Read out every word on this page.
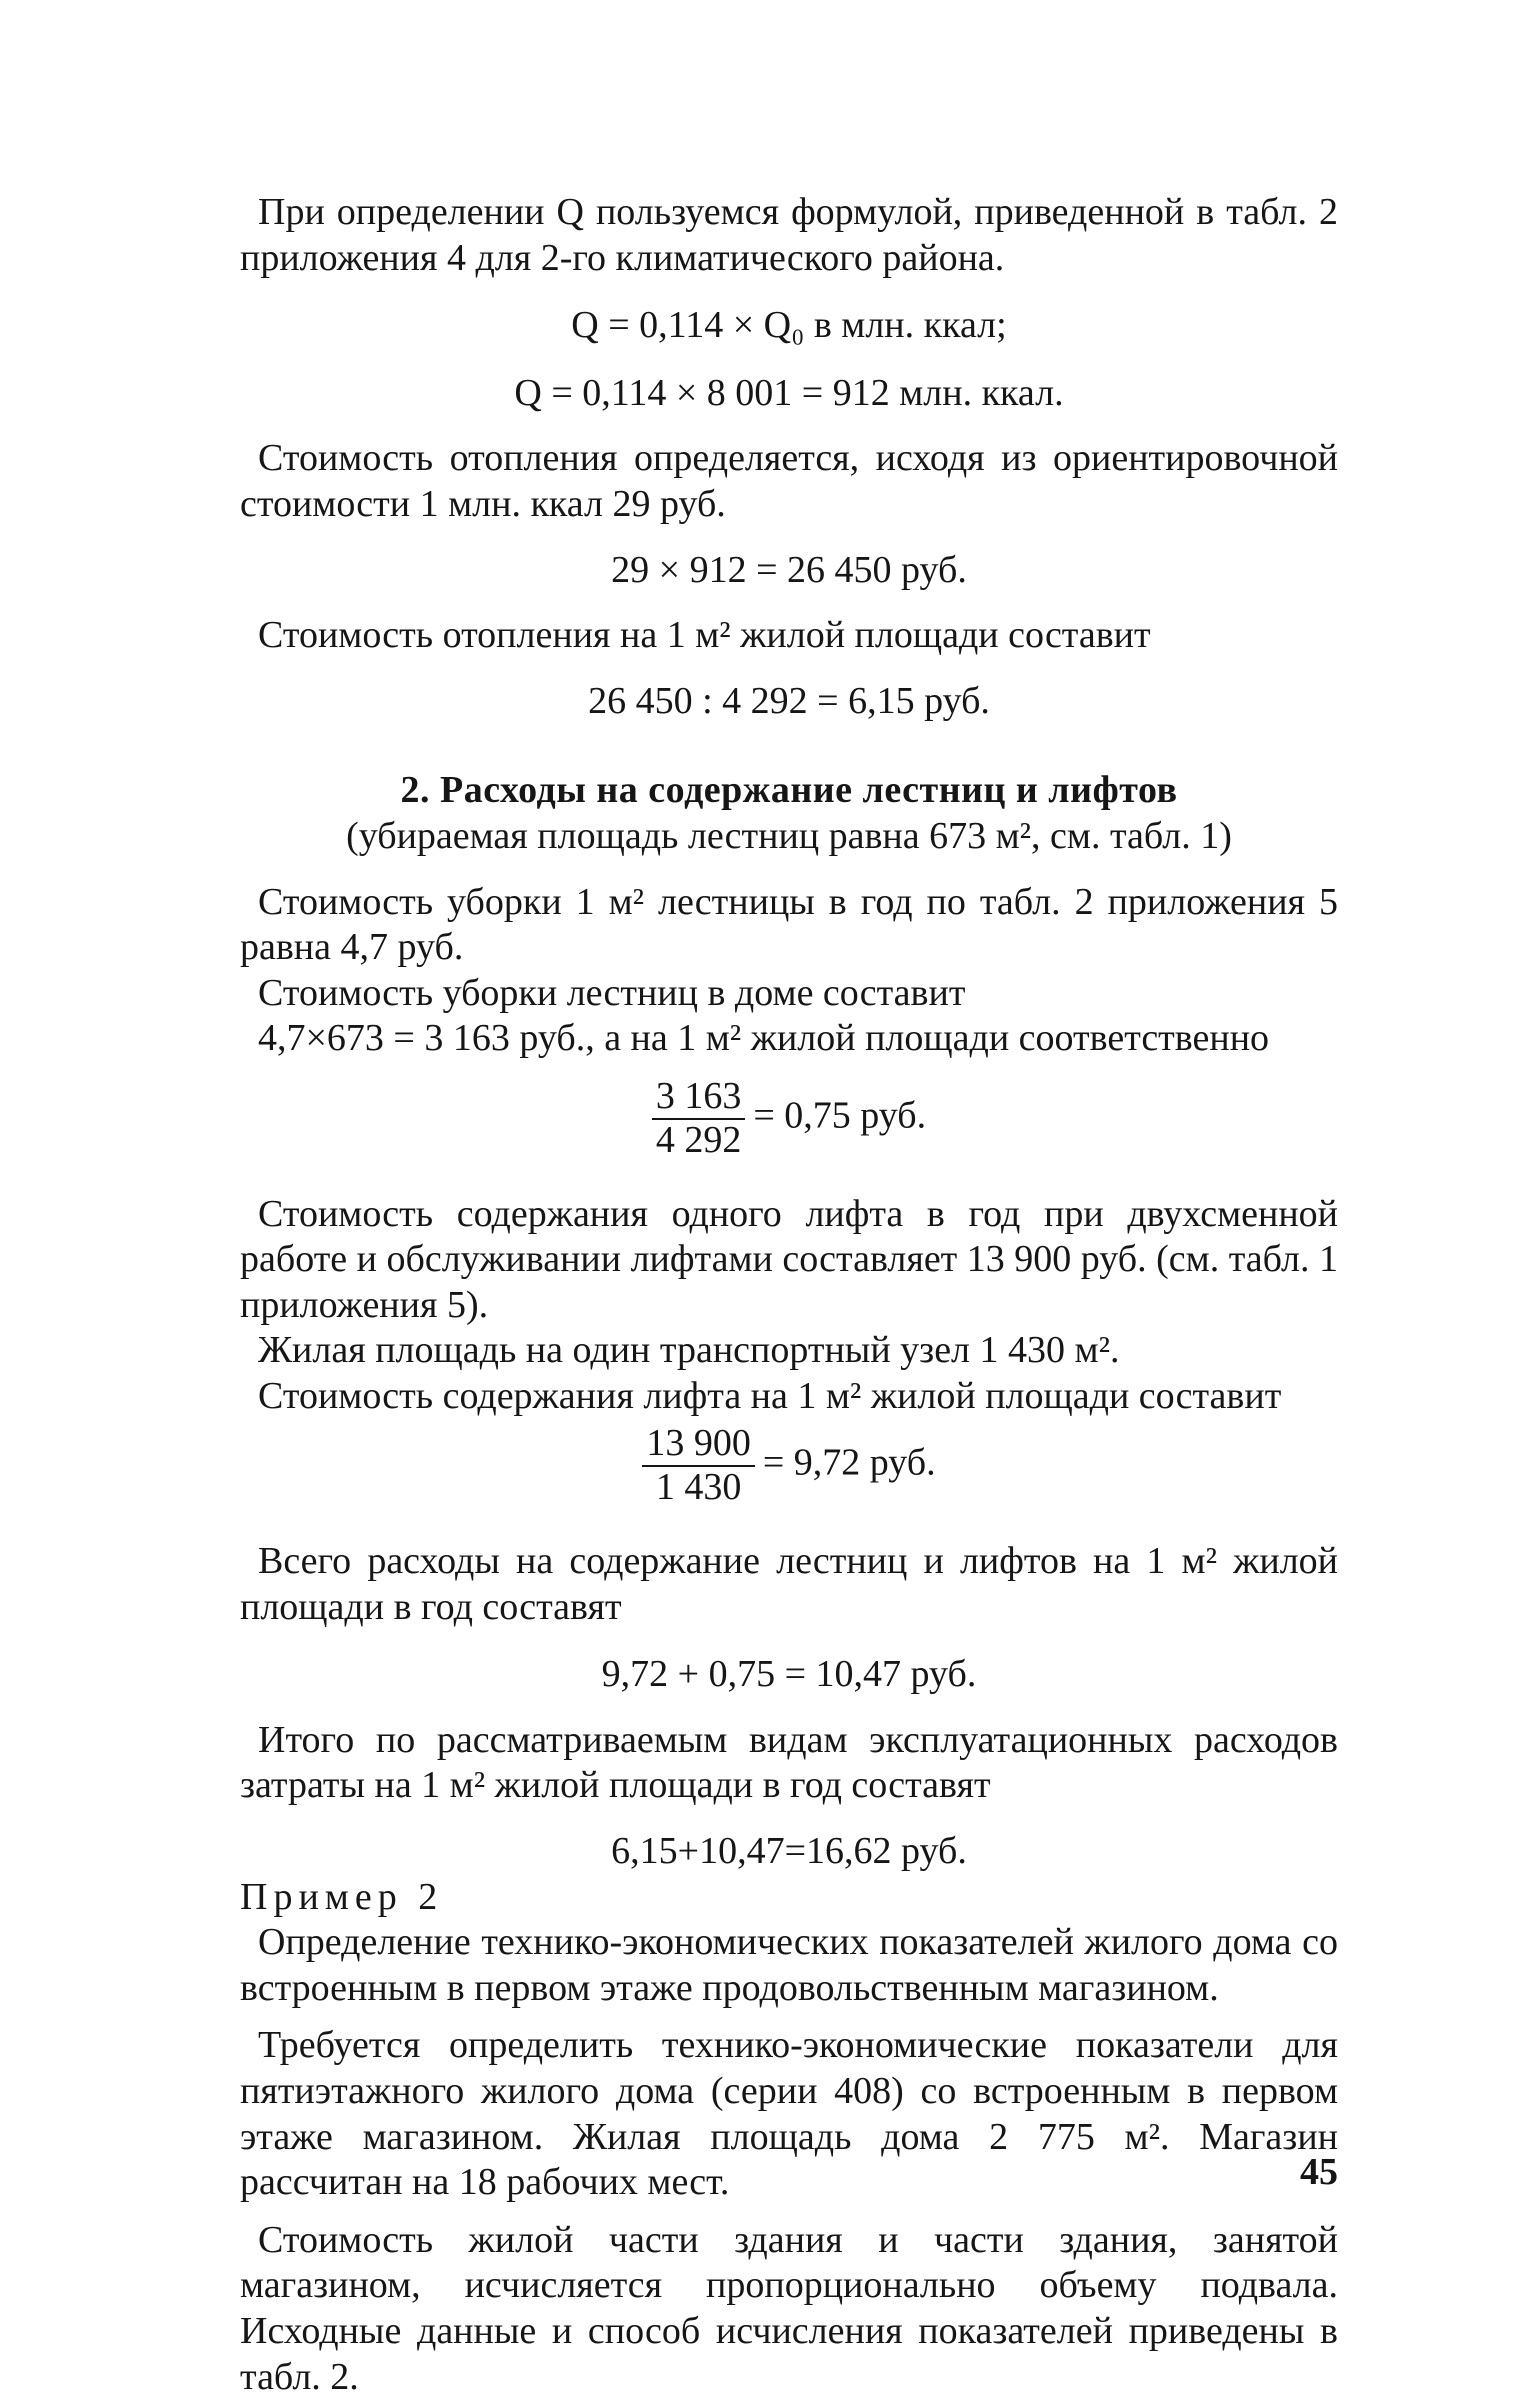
При определении Q пользуемся формулой, приведенной в табл. 2 приложения 4 для 2-го климатического района.

Q = 0,114 × Q₀ в млн. ккал;
Q = 0,114 × 8 001 = 912 млн. ккал.

Стоимость отопления определяется, исходя из ориентировочной стоимости 1 млн. ккал 29 руб.

29 × 912 = 26 450 руб.

Стоимость отопления на 1 м² жилой площади составит

26 450 : 4 292 = 6,15 руб.
2. Расходы на содержание лестниц и лифтов
(убираемая площадь лестниц равна 673 м², см. табл. 1)

Стоимость уборки 1 м² лестницы в год по табл. 2 приложения 5 равна 4,7 руб.

Стоимость уборки лестниц в доме составит

4,7×673 = 3 163 руб., а на 1 м² жилой площади соответственно

$\frac{3 163}{4 292} = 0,75$ руб.

Стоимость содержания одного лифта в год при двухсменной работе и обслуживании лифтами составляет 13 900 руб. (см. табл. 1 приложения 5).

Жилая площадь на один транспортный узел 1 430 м².

Стоимость содержания лифта на 1 м² жилой площади составит

$\frac{13 900}{1 430} = 9,72$ руб.

Всего расходы на содержание лестниц и лифтов на 1 м² жилой площади в год составят

9,72 + 0,75 = 10,47 руб.

Итого по рассматриваемым видам эксплуатационных расходов затраты на 1 м² жилой площади в год составят

6,15+10,47=16,62 руб.

Пример 2

Определение технико-экономических показателей жилого дома со встроенным в первом этаже продовольственным магазином.

Требуется определить технико-экономические показатели для пятиэтажного жилого дома (серии 408) со встроенным в первом этаже магазином. Жилая площадь дома 2 775 м². Магазин рассчитан на 18 рабочих мест.

Стоимость жилой части здания и части здания, занятой магазином, исчисляется пропорционально объему подвала. Исходные данные и способ исчисления показателей приведены в табл. 2.

45
